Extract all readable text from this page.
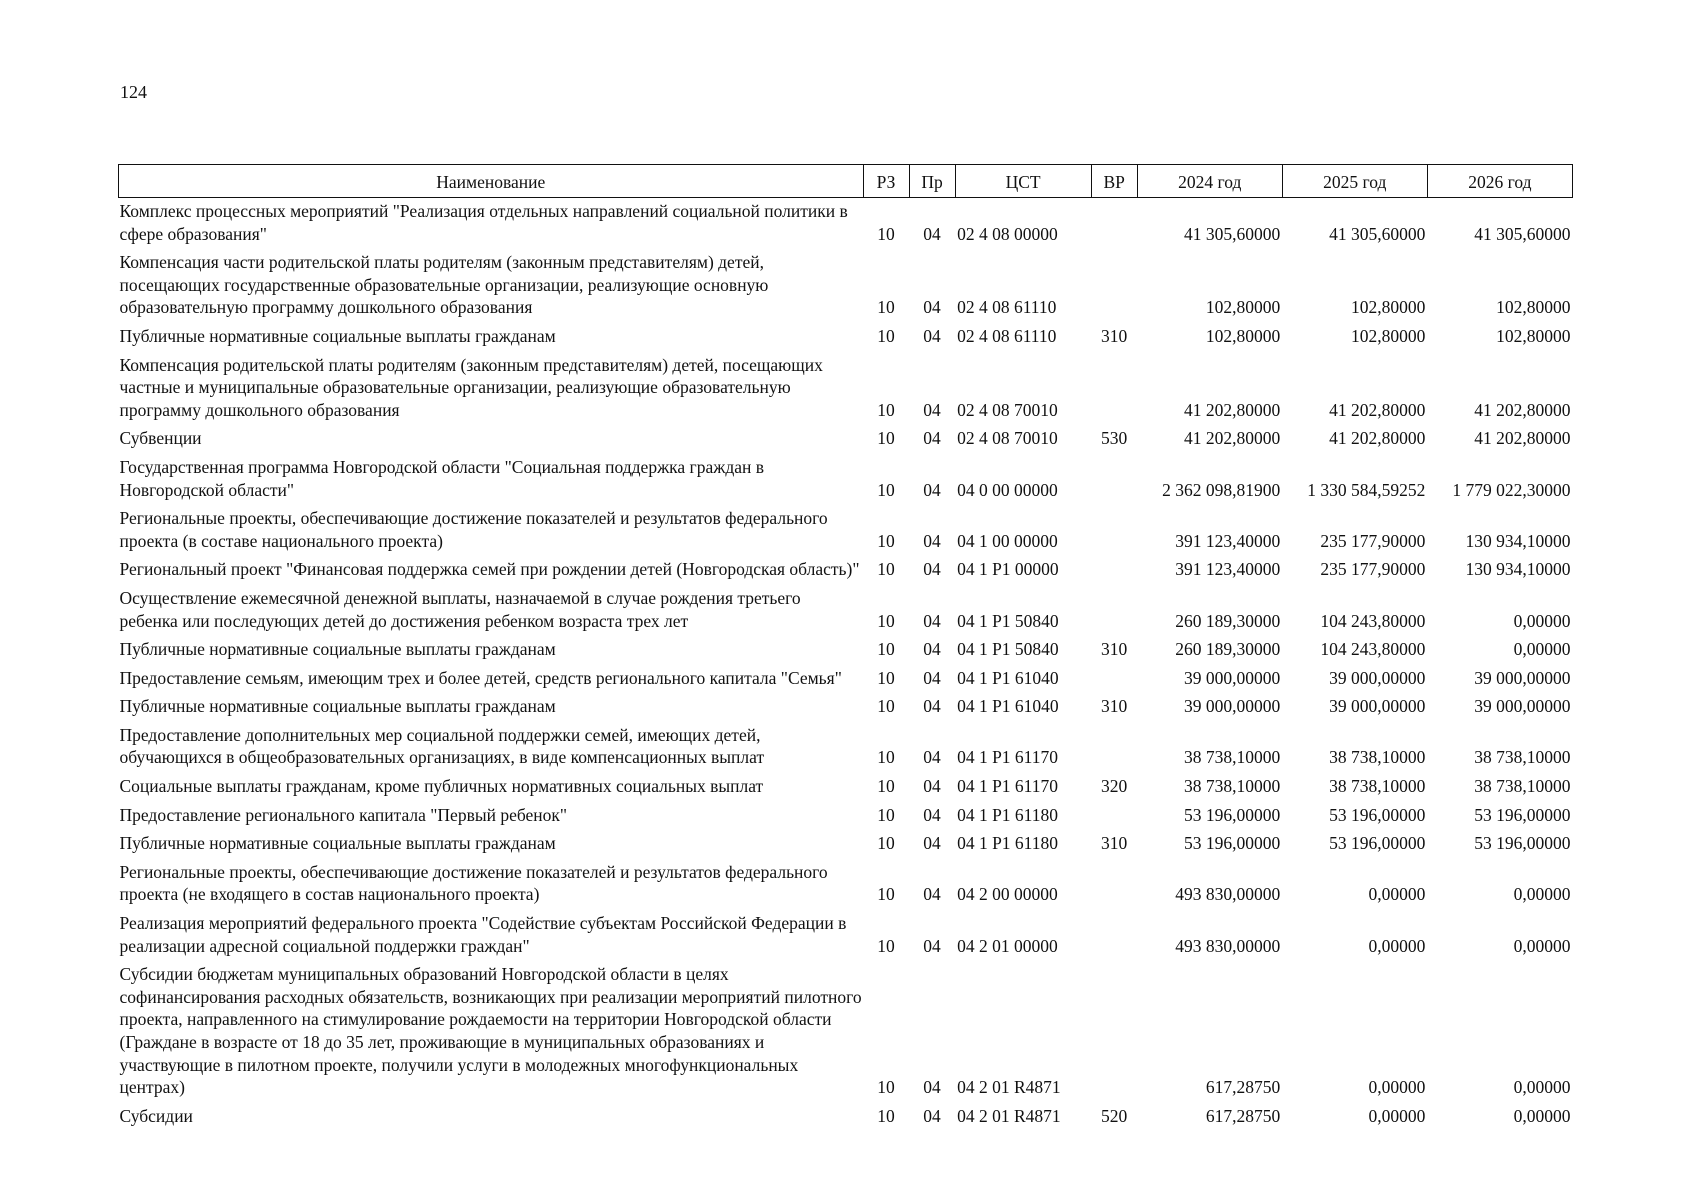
124
Наименование	РЗ	Пр	ЦСТ	ВР	2024 год	2025 год	2026 год
Комплекс процессных мероприятий "Реализация отдельных направлений социальной политики в сфере образования"	10	04	02 4 08 00000		41 305,60000	41 305,60000	41 305,60000
Компенсация части родительской платы родителям (законным представителям) детей, посещающих государственные образовательные организации, реализующие основную образовательную программу дошкольного образования	10	04	02 4 08 61110		102,80000	102,80000	102,80000
Публичные нормативные социальные выплаты гражданам	10	04	02 4 08 61110	310	102,80000	102,80000	102,80000
Компенсация родительской платы родителям (законным представителям) детей, посещающих частные и муниципальные образовательные организации, реализующие образовательную программу дошкольного образования	10	04	02 4 08 70010		41 202,80000	41 202,80000	41 202,80000
Субвенции	10	04	02 4 08 70010	530	41 202,80000	41 202,80000	41 202,80000
Государственная программа Новгородской области "Социальная поддержка граждан в Новгородской области"	10	04	04 0 00 00000		2 362 098,81900	1 330 584,59252	1 779 022,30000
Региональные проекты, обеспечивающие достижение показателей и результатов федерального проекта (в составе национального проекта)	10	04	04 1 00 00000		391 123,40000	235 177,90000	130 934,10000
Региональный проект "Финансовая поддержка семей при рождении детей (Новгородская область)"	10	04	04 1 P1 00000		391 123,40000	235 177,90000	130 934,10000
Осуществление ежемесячной денежной выплаты, назначаемой в случае рождения третьего ребенка или последующих детей до достижения ребенком возраста трех лет	10	04	04 1 P1 50840		260 189,30000	104 243,80000	0,00000
Публичные нормативные социальные выплаты гражданам	10	04	04 1 P1 50840	310	260 189,30000	104 243,80000	0,00000
Предоставление семьям, имеющим трех и более детей, средств регионального капитала "Семья"	10	04	04 1 P1 61040		39 000,00000	39 000,00000	39 000,00000
Публичные нормативные социальные выплаты гражданам	10	04	04 1 P1 61040	310	39 000,00000	39 000,00000	39 000,00000
Предоставление дополнительных мер социальной поддержки семей, имеющих детей, обучающихся в общеобразовательных организациях, в виде компенсационных выплат	10	04	04 1 P1 61170		38 738,10000	38 738,10000	38 738,10000
Социальные выплаты гражданам, кроме публичных нормативных социальных выплат	10	04	04 1 P1 61170	320	38 738,10000	38 738,10000	38 738,10000
Предоставление регионального капитала "Первый ребенок"	10	04	04 1 P1 61180		53 196,00000	53 196,00000	53 196,00000
Публичные нормативные социальные выплаты гражданам	10	04	04 1 P1 61180	310	53 196,00000	53 196,00000	53 196,00000
Региональные проекты, обеспечивающие достижение показателей и результатов федерального проекта (не входящего в состав национального проекта)	10	04	04 2 00 00000		493 830,00000	0,00000	0,00000
Реализация мероприятий федерального проекта "Содействие субъектам Российской Федерации в реализации адресной социальной поддержки граждан"	10	04	04 2 01 00000		493 830,00000	0,00000	0,00000
Субсидии бюджетам муниципальных образований Новгородской области в целях софинансирования расходных обязательств, возникающих при реализации мероприятий пилотного проекта, направленного на стимулирование рождаемости на территории Новгородской области (Граждане в возрасте от 18 до 35 лет, проживающие в муниципальных образованиях и участвующие в пилотном проекте, получили услуги в молодежных многофункциональных центрах)	10	04	04 2 01 R4871		617,28750	0,00000	0,00000
Субсидии	10	04	04 2 01 R4871	520	617,28750	0,00000	0,00000
